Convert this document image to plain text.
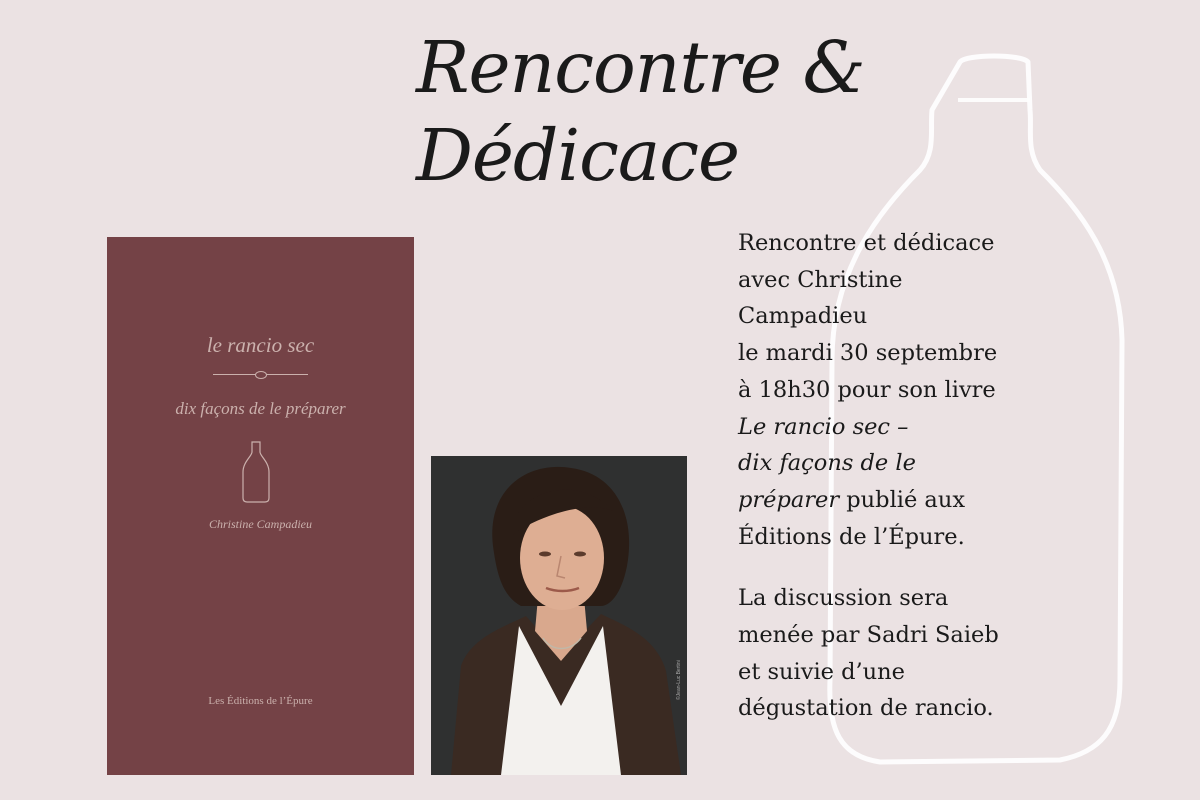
Rencontre &
Dédicace
le rancio sec
dix façons de le préparer
Christine Campadieu
Les Éditions de l’Épure
©Jean-Luc Bertini

Rencontre et dédicace
avec Christine
Campadieu
le mardi 30 septembre
à 18h30 pour son livre
Le rancio sec –
dix façons de le
préparer publié aux
Éditions de l’Épure.

La discussion sera
menée par Sadri Saieb
et suivie d’une
dégustation de rancio.
